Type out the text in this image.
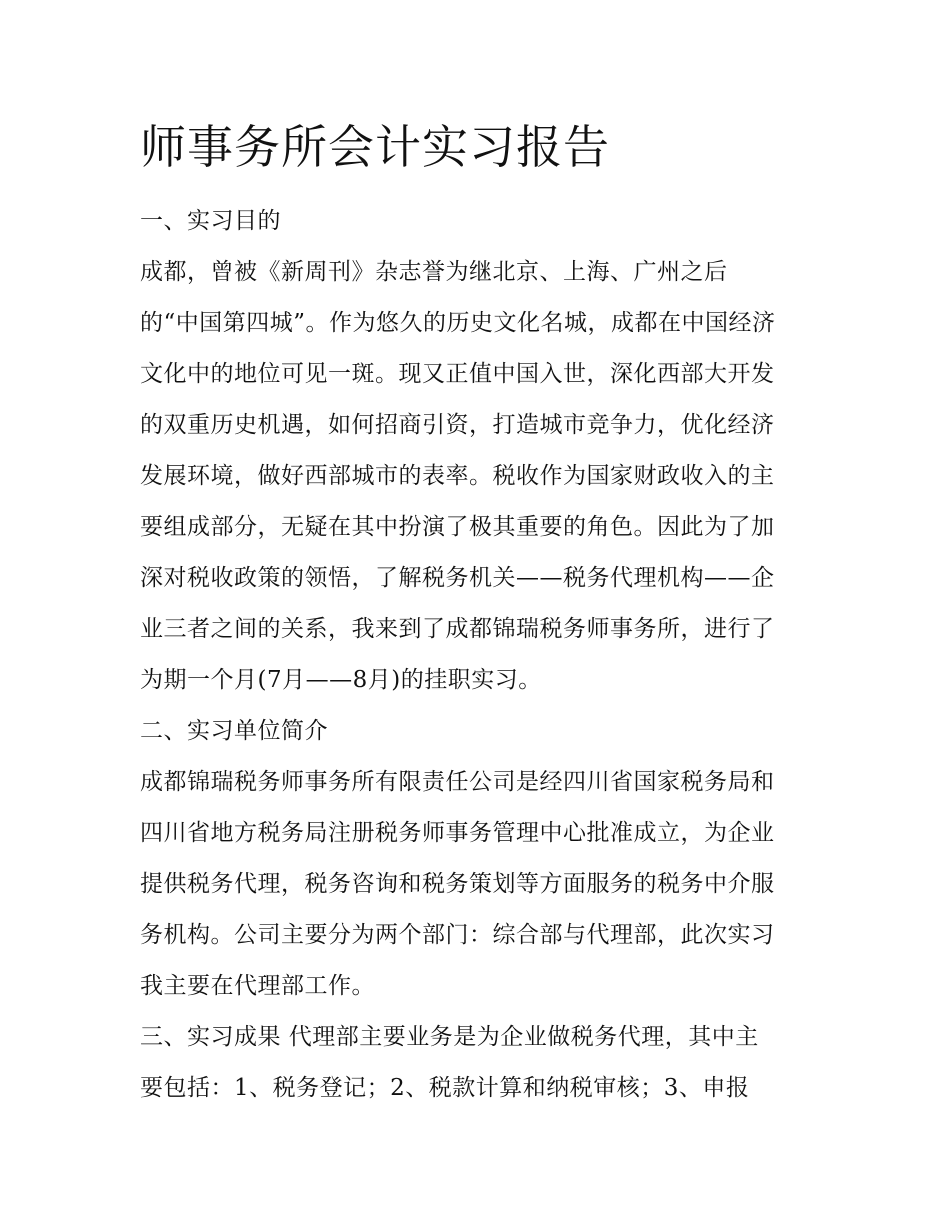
师事务所会计实习报告
一、实习目的
成都，曾被《新周刊》杂志誉为继北京、上海、广州之后
的“中国第四城”。作为悠久的历史文化名城，成都在中国经济
文化中的地位可见一斑。现又正值中国入世，深化西部大开发
的双重历史机遇，如何招商引资，打造城市竞争力，优化经济
发展环境，做好西部城市的表率。税收作为国家财政收入的主
要组成部分，无疑在其中扮演了极其重要的角色。因此为了加
深对税收政策的领悟，了解税务机关——税务代理机构——企
业三者之间的关系，我来到了成都锦瑞税务师事务所，进行了
为期一个月(7月——8月)的挂职实习。
二、实习单位简介
成都锦瑞税务师事务所有限责任公司是经四川省国家税务局和
四川省地方税务局注册税务师事务管理中心批准成立，为企业
提供税务代理，税务咨询和税务策划等方面服务的税务中介服
务机构。公司主要分为两个部门：综合部与代理部，此次实习
我主要在代理部工作。
三、实习成果 代理部主要业务是为企业做税务代理，其中主
要包括：1、税务登记；2、税款计算和纳税审核；3、申报
